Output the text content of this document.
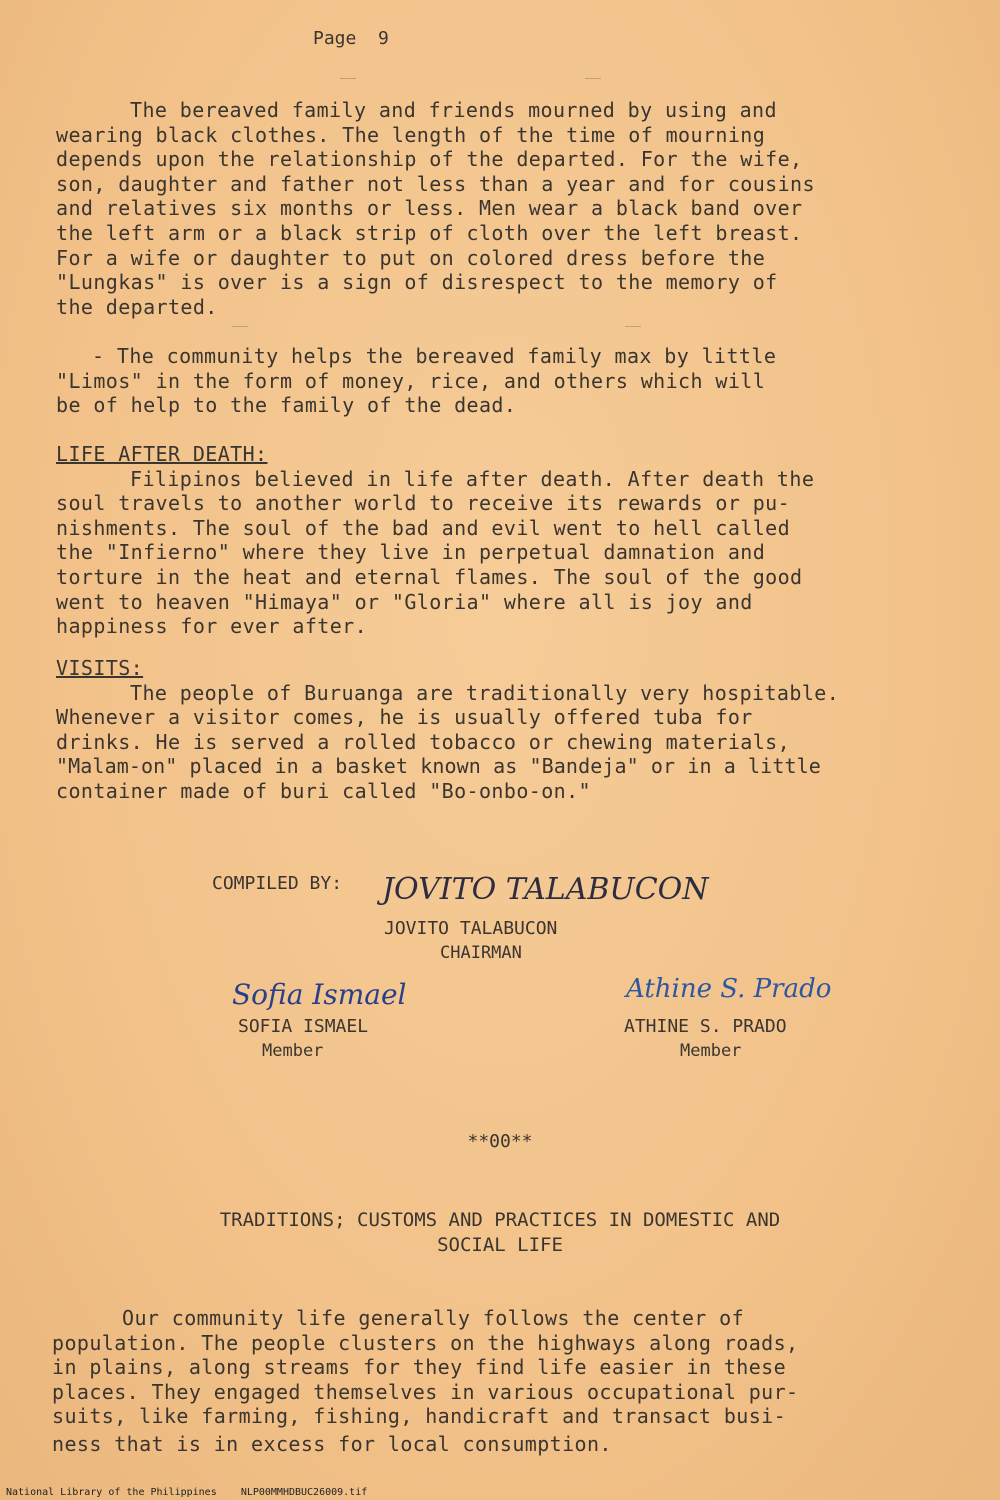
Page  9
The bereaved family and friends mourned by using and
wearing black clothes. The length of the time of mourning
depends upon the relationship of the departed. For the wife,
son, daughter and father not less than a year and for cousins
and relatives six months or less. Men wear a black band over
the left arm or a black strip of cloth over the left breast.
For a wife or daughter to put on colored dress before the
"Lungkas" is over is a sign of disrespect to the memory of
the departed.
- The community helps the bereaved family max by little
"Limos" in the form of money, rice, and others which will
be of help to the family of the dead.
LIFE AFTER DEATH:
Filipinos believed in life after death. After death the
soul travels to another world to receive its rewards or pu-
nishments. The soul of the bad and evil went to hell called
the "Infierno" where they live in perpetual damnation and
torture in the heat and eternal flames. The soul of the good
went to heaven "Himaya" or "Gloria" where all is joy and
happiness for ever after.
VISITS:
The people of Buruanga are traditionally very hospitable.
Whenever a visitor comes, he is usually offered tuba for
drinks. He is served a rolled tobacco or chewing materials,
"Malam-on" placed in a basket known as "Bandeja" or in a little
container made of buri called "Bo-onbo-on."
COMPILED BY: JOVITO TALABUCON
JOVITO TALABUCON
CHAIRMAN
Sofia Ismael
SOFIA ISMAEL
Member
Athine S. Prado
ATHINE S. PRADO
Member
**00**
TRADITIONS; CUSTOMS AND PRACTICES IN DOMESTIC AND
SOCIAL LIFE
Our community life generally follows the center of
population. The people clusters on the highways along roads,
in plains, along streams for they find life easier in these
places. They engaged themselves in various occupational pur-
suits, like farming, fishing, handicraft and transact busi-
ness that is in excess for local consumption.
National Library of the Philippines NLP00MMHDBUC26009.tif
